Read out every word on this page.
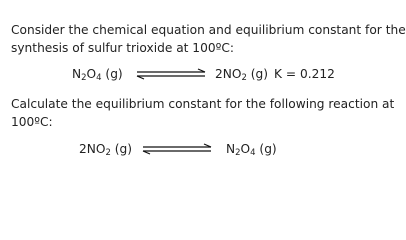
Consider the chemical equation and equilibrium constant for the

synthesis of sulfur trioxide at 100ºC:

$N_2O_4$ (g)	$2NO_2$ (g) K = 0.212

Calculate the equilibrium constant for the following reaction at

100ºC:

$2NO_2$ (g)	$N_2O_4$ (g)
